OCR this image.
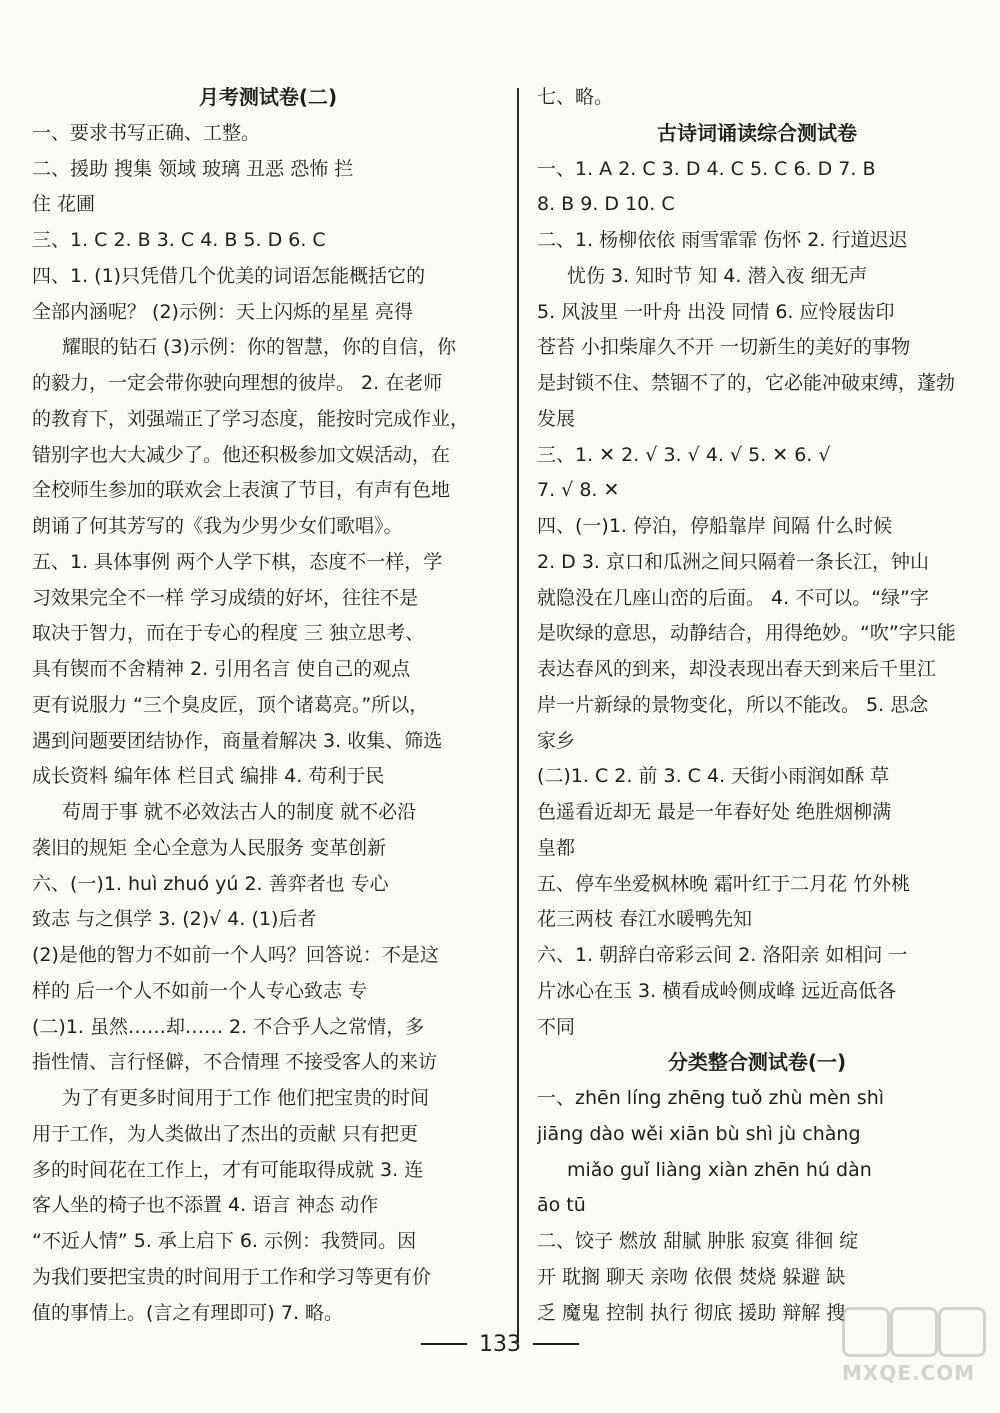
月考测试卷(二)
一、要求书写正确、工整。
二、援助 搜集 领域 玻璃 丑恶 恐怖 拦
住 花圃
三、1. C 2. B 3. C 4. B 5. D 6. C
四、1. (1)只凭借几个优美的词语怎能概括它的
全部内涵呢？ (2)示例：天上闪烁的星星 亮得
耀眼的钻石 (3)示例：你的智慧，你的自信，你
的毅力，一定会带你驶向理想的彼岸。 2. 在老师
的教育下，刘强端正了学习态度，能按时完成作业，
错别字也大大减少了。他还积极参加文娱活动，在
全校师生参加的联欢会上表演了节目，有声有色地
朗诵了何其芳写的《我为少男少女们歌唱》。
五、1. 具体事例 两个人学下棋，态度不一样，学
习效果完全不一样 学习成绩的好坏，往往不是
取决于智力，而在于专心的程度 三 独立思考、
具有锲而不舍精神 2. 引用名言 使自己的观点
更有说服力 “三个臭皮匠，顶个诸葛亮。”所以，
遇到问题要团结协作，商量着解决 3. 收集、筛选
成长资料 编年体 栏目式 编排 4. 苟利于民
苟周于事 就不必效法古人的制度 就不必沿
袭旧的规矩 全心全意为人民服务 变革创新
六、(一)1. huì zhuó yú 2. 善弈者也 专心
致志 与之俱学 3. (2)√ 4. (1)后者
(2)是他的智力不如前一个人吗？回答说：不是这
样的 后一个人不如前一个人专心致志 专
(二)1. 虽然……却…… 2. 不合乎人之常情，多
指性情、言行怪僻，不合情理 不接受客人的来访
为了有更多时间用于工作 他们把宝贵的时间
用于工作，为人类做出了杰出的贡献 只有把更
多的时间花在工作上，才有可能取得成就 3. 连
客人坐的椅子也不添置 4. 语言 神态 动作
“不近人情” 5. 承上启下 6. 示例：我赞同。因
为我们要把宝贵的时间用于工作和学习等更有价
值的事情上。(言之有理即可) 7. 略。
七、略。
古诗词诵读综合测试卷
一、1. A 2. C 3. D 4. C 5. C 6. D 7. B
8. B 9. D 10. C
二、1. 杨柳依依 雨雪霏霏 伤怀 2. 行道迟迟
忧伤 3. 知时节 知 4. 潜入夜 细无声
5. 风波里 一叶舟 出没 同情 6. 应怜屐齿印
苍苔 小扣柴扉久不开 一切新生的美好的事物
是封锁不住、禁锢不了的，它必能冲破束缚，蓬勃
发展
三、1. ✕ 2. √ 3. √ 4. √ 5. ✕ 6. √
7. √ 8. ✕
四、(一)1. 停泊，停船靠岸 间隔 什么时候
2. D 3. 京口和瓜洲之间只隔着一条长江，钟山
就隐没在几座山峦的后面。 4. 不可以。“绿”字
是吹绿的意思，动静结合，用得绝妙。“吹”字只能
表达春风的到来，却没表现出春天到来后千里江
岸一片新绿的景物变化，所以不能改。 5. 思念
家乡
(二)1. C 2. 前 3. C 4. 天街小雨润如酥 草
色遥看近却无 最是一年春好处 绝胜烟柳满
皇都
五、停车坐爱枫林晚 霜叶红于二月花 竹外桃
花三两枝 春江水暖鸭先知
六、1. 朝辞白帝彩云间 2. 洛阳亲 如相问 一
片冰心在玉 3. 横看成岭侧成峰 远近高低各
不同
分类整合测试卷(一)
一、zhēn líng zhēng tuǒ zhù mèn shì
jiāng dào wěi xiān bù shì jù chàng
miǎo guǐ liàng xiàn zhēn hú dàn
āo tū
二、饺子 燃放 甜腻 肿胀 寂寞 徘徊 绽
开 耽搁 聊天 亲吻 依偎 焚烧 躲避 缺
乏 魔鬼 控制 执行 彻底 援助 辩解 搜
133
MXQE.COM
